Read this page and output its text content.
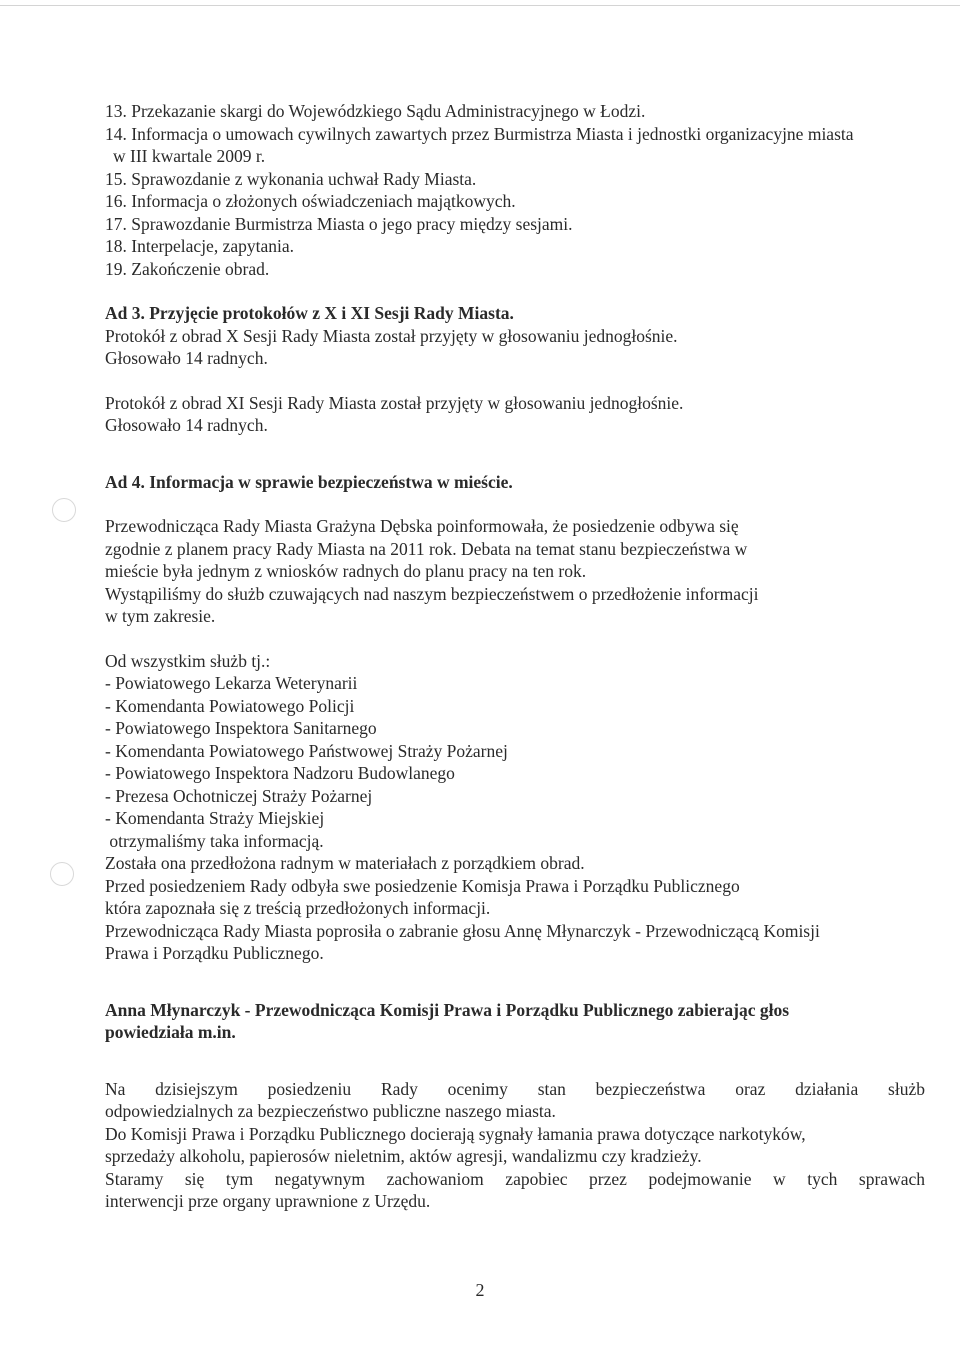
13. Przekazanie skargi do Wojewódzkiego Sądu Administracyjnego w Łodzi.
14. Informacja o umowach cywilnych zawartych przez Burmistrza Miasta i jednostki organizacyjne miasta
w III kwartale 2009 r.
15. Sprawozdanie z wykonania uchwał Rady Miasta.
16. Informacja o złożonych oświadczeniach majątkowych.
17. Sprawozdanie Burmistrza Miasta o jego pracy między sesjami.
18. Interpelacje, zapytania.
19. Zakończenie obrad.
Ad 3. Przyjęcie protokołów z X i XI Sesji Rady Miasta.
Protokół z obrad X Sesji Rady Miasta został przyjęty w głosowaniu jednogłośnie.
Głosowało 14 radnych.
Protokół z obrad XI Sesji Rady Miasta został przyjęty w głosowaniu jednogłośnie.
Głosowało 14 radnych.
Ad 4. Informacja w sprawie bezpieczeństwa w mieście.
Przewodnicząca Rady Miasta Grażyna Dębska poinformowała, że posiedzenie odbywa się
zgodnie z planem pracy Rady Miasta na 2011 rok. Debata na temat stanu bezpieczeństwa w
mieście była jednym z wniosków radnych do planu pracy na ten rok.
Wystąpiliśmy do służb czuwających nad naszym bezpieczeństwem o przedłożenie informacji
w tym zakresie.
Od wszystkim służb tj.:
- Powiatowego Lekarza Weterynarii
- Komendanta Powiatowego Policji
- Powiatowego Inspektora Sanitarnego
- Komendanta Powiatowego Państwowej Straży Pożarnej
- Powiatowego Inspektora Nadzoru Budowlanego
- Prezesa Ochotniczej Straży Pożarnej
- Komendanta Straży Miejskiej
otrzymaliśmy taka informacją.
Została ona przedłożona radnym w materiałach z porządkiem obrad.
Przed posiedzeniem Rady odbyła swe posiedzenie Komisja Prawa i Porządku Publicznego
która zapoznała się z treścią przedłożonych informacji.
Przewodnicząca Rady Miasta poprosiła o zabranie głosu Annę Młynarczyk - Przewodniczącą Komisji
Prawa i Porządku Publicznego.
Anna Młynarczyk - Przewodnicząca Komisji Prawa i Porządku Publicznego zabierając głos
powiedziała m.in.
Na dzisiejszym posiedzeniu Rady ocenimy stan bezpieczeństwa oraz działania służb
odpowiedzialnych za bezpieczeństwo publiczne naszego miasta.
Do Komisji Prawa i Porządku Publicznego docierają sygnały łamania prawa dotyczące narkotyków,
sprzedaży alkoholu, papierosów nieletnim, aktów agresji, wandalizmu czy kradzieży.
Staramy się tym negatywnym zachowaniom zapobiec przez podejmowanie w tych sprawach
interwencji prze organy uprawnione z Urzędu.
2
